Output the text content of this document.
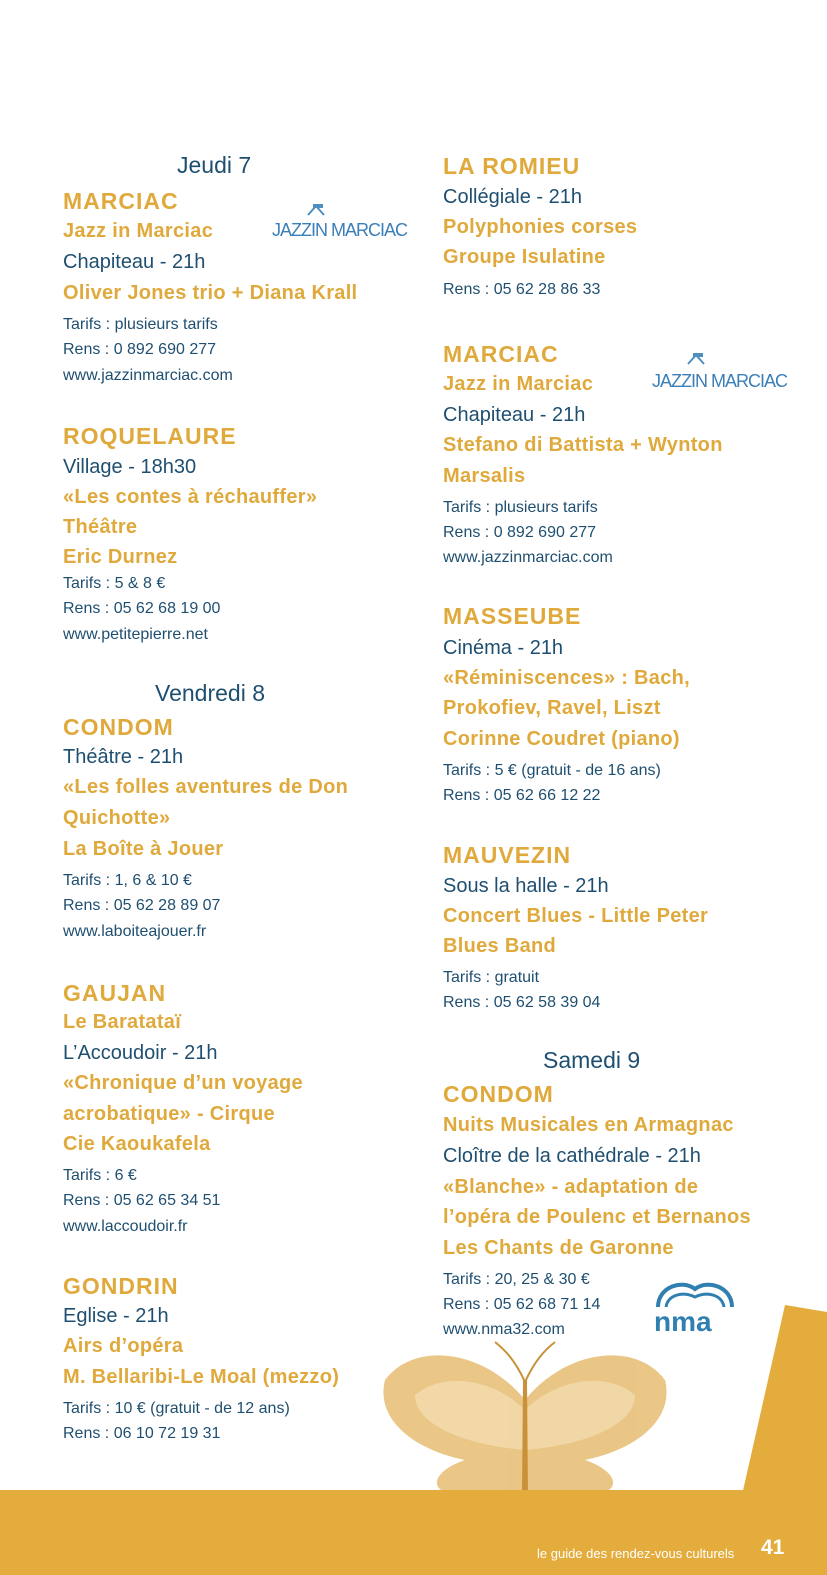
Jeudi 7
MARCIAC
Jazz in Marciac
Chapiteau - 21h
Oliver Jones trio + Diana Krall
Tarifs : plusieurs tarifs
Rens : 0 892 690 277
www.jazzinmarciac.com
ROQUELAURE
Village - 18h30
«Les contes à réchauffer»
Théâtre
Eric Durnez
Tarifs : 5 & 8 €
Rens : 05 62 68 19 00
www.petitepierre.net
Vendredi 8
CONDOM
Théâtre - 21h
«Les folles aventures de Don
Quichotte»
La Boîte à Jouer
Tarifs : 1, 6 & 10 €
Rens : 05 62 28 89 07
www.laboiteajouer.fr
GAUJAN
Le Baratataï
L’Accoudoir - 21h
«Chronique d’un voyage
acrobatique» - Cirque
Cie Kaoukafela
Tarifs : 6 €
Rens : 05 62 65 34 51
www.laccoudoir.fr
GONDRIN
Eglise - 21h
Airs d’opéra
M. Bellaribi-Le Moal (mezzo)
Tarifs : 10 € (gratuit - de 12 ans)
Rens : 06 10 72 19 31
JAZZIN MARCIAC
LA ROMIEU
Collégiale - 21h
Polyphonies corses
Groupe Isulatine
Rens : 05 62 28 86 33
MARCIAC
Jazz in Marciac
Chapiteau - 21h
Stefano di Battista + Wynton
Marsalis
Tarifs : plusieurs tarifs
Rens : 0 892 690 277
www.jazzinmarciac.com
MASSEUBE
Cinéma - 21h
«Réminiscences» : Bach,
Prokofiev, Ravel, Liszt
Corinne Coudret (piano)
Tarifs : 5 € (gratuit - de 16 ans)
Rens : 05 62 66 12 22
MAUVEZIN
Sous la halle - 21h
Concert Blues - Little Peter
Blues Band
Tarifs : gratuit
Rens : 05 62 58 39 04
Samedi 9
CONDOM
Nuits Musicales en Armagnac
Cloître de la cathédrale - 21h
«Blanche» - adaptation de
l’opéra de Poulenc et Bernanos
Les Chants de Garonne
Tarifs : 20, 25 & 30 €
Rens : 05 62 68 71 14
www.nma32.com
JAZZIN MARCIAC
nma
le guide des rendez-vous culturels 41
